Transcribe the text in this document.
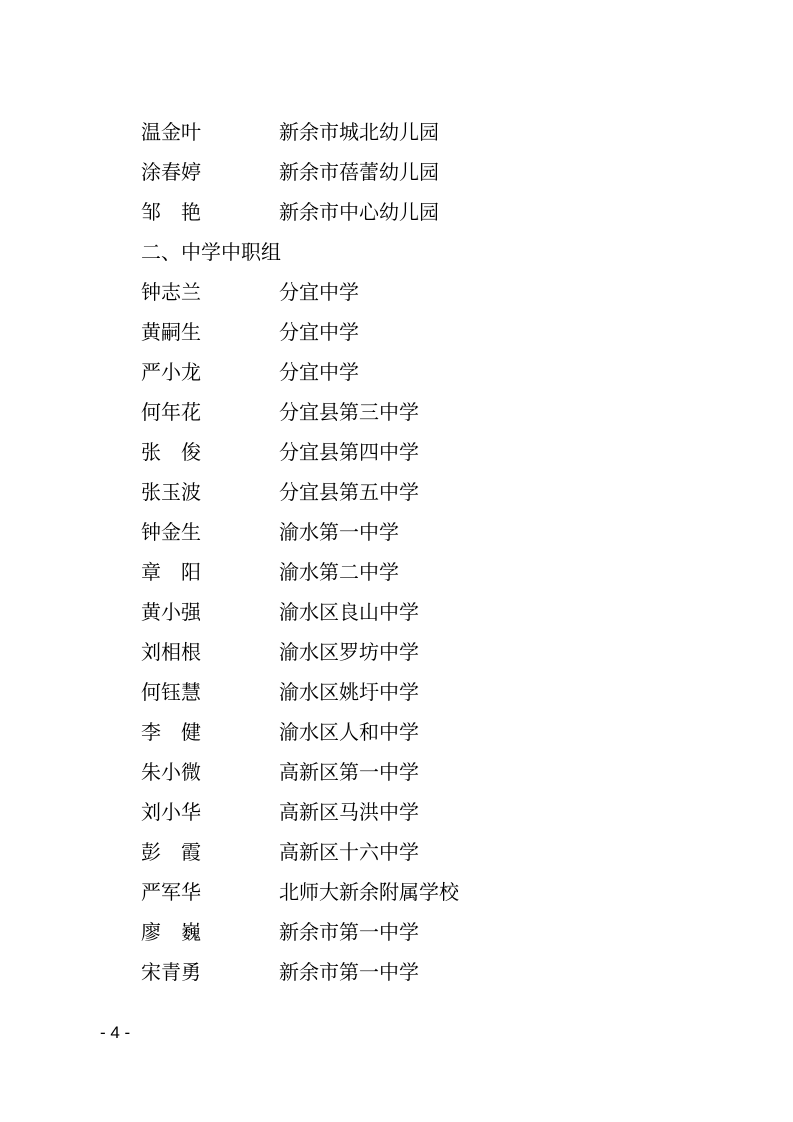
温金叶	新余市城北幼儿园
涂春婷	新余市蓓蕾幼儿园
邹　艳	新余市中心幼儿园
二、中学中职组
钟志兰	分宜中学
黄嗣生	分宜中学
严小龙	分宜中学
何年花	分宜县第三中学
张　俊	分宜县第四中学
张玉波	分宜县第五中学
钟金生	渝水第一中学
章　阳	渝水第二中学
黄小强	渝水区良山中学
刘相根	渝水区罗坊中学
何钰慧	渝水区姚圩中学
李　健	渝水区人和中学
朱小微	高新区第一中学
刘小华	高新区马洪中学
彭　霞	高新区十六中学
严军华	北师大新余附属学校
廖　巍	新余市第一中学
宋青勇	新余市第一中学
- 4 -
